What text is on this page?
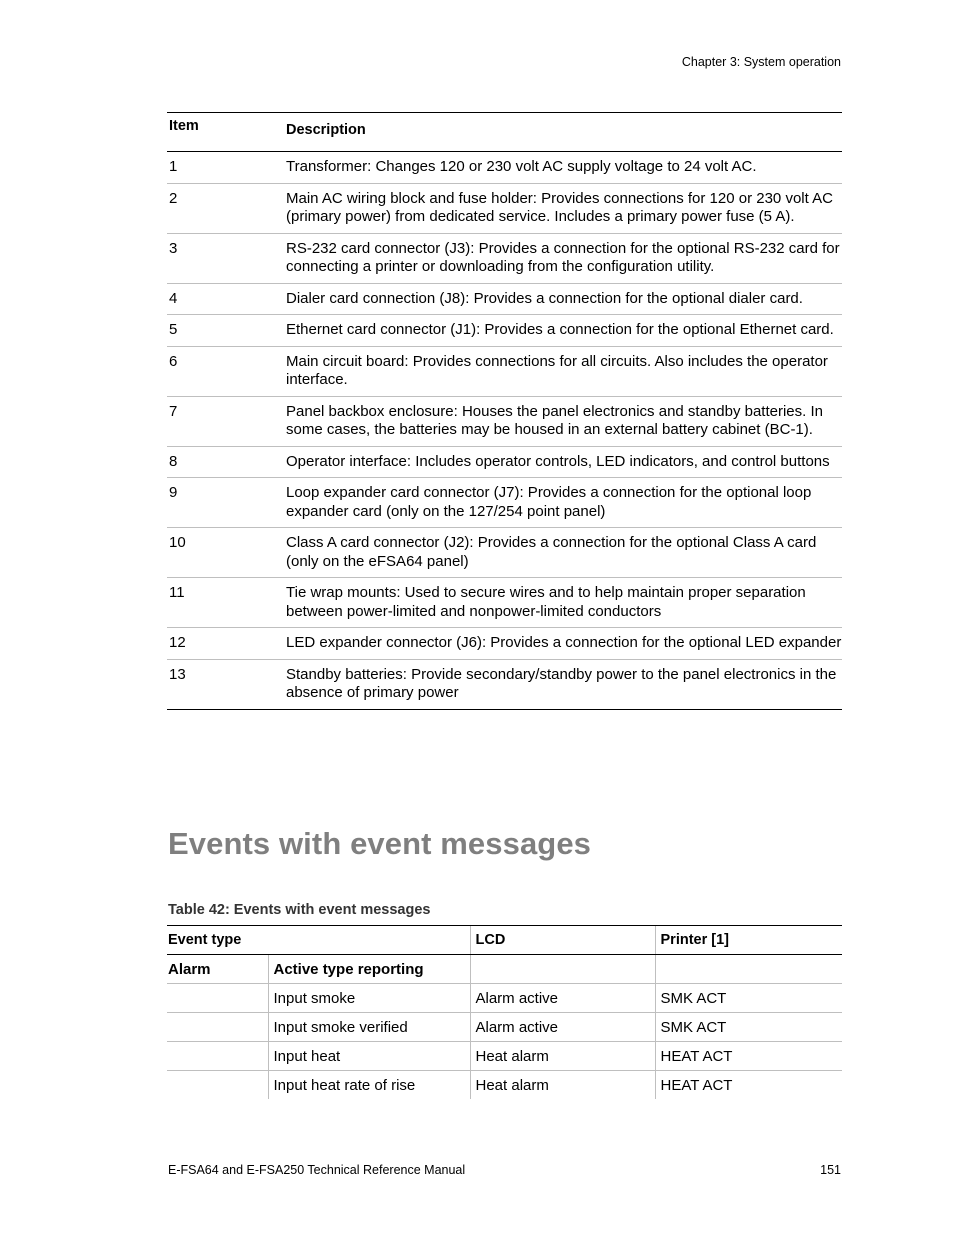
Chapter 3: System operation
Item	Description
1	Transformer: Changes 120 or 230 volt AC supply voltage to 24 volt AC.
2	Main AC wiring block and fuse holder: Provides connections for 120 or 230 volt AC (primary power) from dedicated service. Includes a primary power fuse (5 A).
3	RS-232 card connector (J3): Provides a connection for the optional RS-232 card for connecting a printer or downloading from the configuration utility.
4	Dialer card connection (J8): Provides a connection for the optional dialer card.
5	Ethernet card connector (J1): Provides a connection for the optional Ethernet card.
6	Main circuit board: Provides connections for all circuits. Also includes the operator interface.
7	Panel backbox enclosure: Houses the panel electronics and standby batteries. In some cases, the batteries may be housed in an external battery cabinet (BC-1).
8	Operator interface: Includes operator controls, LED indicators, and control buttons
9	Loop expander card connector (J7): Provides a connection for the optional loop expander card (only on the 127/254 point panel)
10	Class A card connector (J2): Provides a connection for the optional Class A card (only on the eFSA64 panel)
11	Tie wrap mounts: Used to secure wires and to help maintain proper separation between power-limited and nonpower-limited conductors
12	LED expander connector (J6): Provides a connection for the optional LED expander
13	Standby batteries: Provide secondary/standby power to the panel electronics in the absence of primary power
Events with event messages
Table 42: Events with event messages
Event type		LCD	Printer [1]
Alarm	Active type reporting		
	Input smoke	Alarm active	SMK ACT
	Input smoke verified	Alarm active	SMK ACT
	Input heat	Heat alarm	HEAT ACT
	Input heat rate of rise	Heat alarm	HEAT ACT
E-FSA64 and E-FSA250 Technical Reference Manual	151
